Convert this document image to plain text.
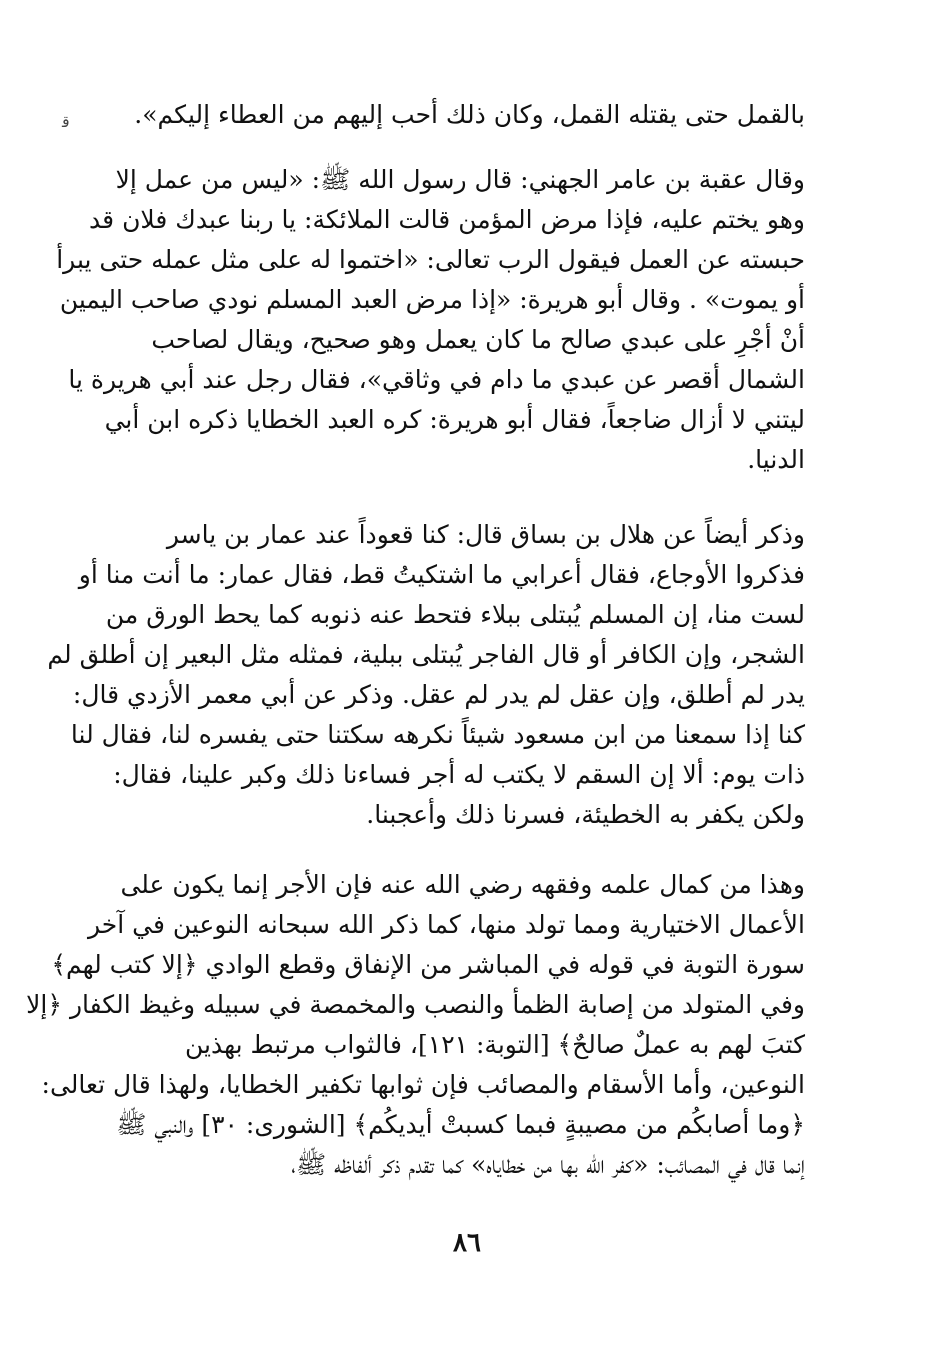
ﻗ	بالقمل حتى يقتله القمل، وكان ذلك أحب إليهم من العطاء إليكم».
وقال عقبة بن عامر الجهني: قال رسول الله ﷺ: «ليس من عمل إلا
وهو يختم عليه، فإذا مرض المؤمن قالت الملائكة: يا ربنا عبدك فلان قد
حبسته عن العمل فيقول الرب تعالى: «اختموا له على مثل عمله حتى يبرأ
أو يموت» . وقال أبو هريرة: «إذا مرض العبد المسلم نودي صاحب اليمين
أنْ أجْرِ على عبدي صالح ما كان يعمل وهو صحيح، ويقال لصاحب
الشمال أقصر عن عبدي ما دام في وثاقي»، فقال رجل عند أبي هريرة يا
ليتني لا أزال ضاجعاً، فقال أبو هريرة: كره العبد الخطايا ذكره ابن أبي
الدنيا.
وذكر أيضاً عن هلال بن بساق قال: كنا قعوداً عند عمار بن ياسر
فذكروا الأوجاع، فقال أعرابي ما اشتكيتُ قط، فقال عمار: ما أنت منا أو
لست منا، إن المسلم يُبتلى ببلاء فتحط عنه ذنوبه كما يحط الورق من
الشجر، وإن الكافر أو قال الفاجر يُبتلى ببلية، فمثله مثل البعير إن أطلق لم
يدر لم أطلق، وإن عقل لم يدر لم عقل. وذكر عن أبي معمر الأزدي قال:
كنا إذا سمعنا من ابن مسعود شيئاً نكرهه سكتنا حتى يفسره لنا، فقال لنا
ذات يوم: ألا إن السقم لا يكتب له أجر فساءنا ذلك وكبر علينا، فقال:
ولكن يكفر به الخطيئة، فسرنا ذلك وأعجبنا.
وهذا من كمال علمه وفقهه رضي الله عنه فإن الأجر إنما يكون على
الأعمال الاختيارية ومما تولد منها، كما ذكر الله سبحانه النوعين في آخر
سورة التوبة في قوله في المباشر من الإنفاق وقطع الوادي ﴿إلا كتب لهم﴾
وفي المتولد من إصابة الظمأ والنصب والمخمصة في سبيله وغيظ الكفار ﴿إلا
كتبَ لهم به عملٌ صالحٌ﴾ [التوبة: ١٢١]، فالثواب مرتبط بهذين
النوعين، وأما الأسقام والمصائب فإن ثوابها تكفير الخطايا، ولهذا قال تعالى:
﴿وما أصابكُم من مصيبةٍ فبما كسبتْ أيديكُم﴾ [الشورى: ٣٠] والنبي ﷺ
إنما قال في المصائب: «كفر الله بها من خطاياه» كما تقدم ذكر ألفاظه ﷺ،
٨٦
